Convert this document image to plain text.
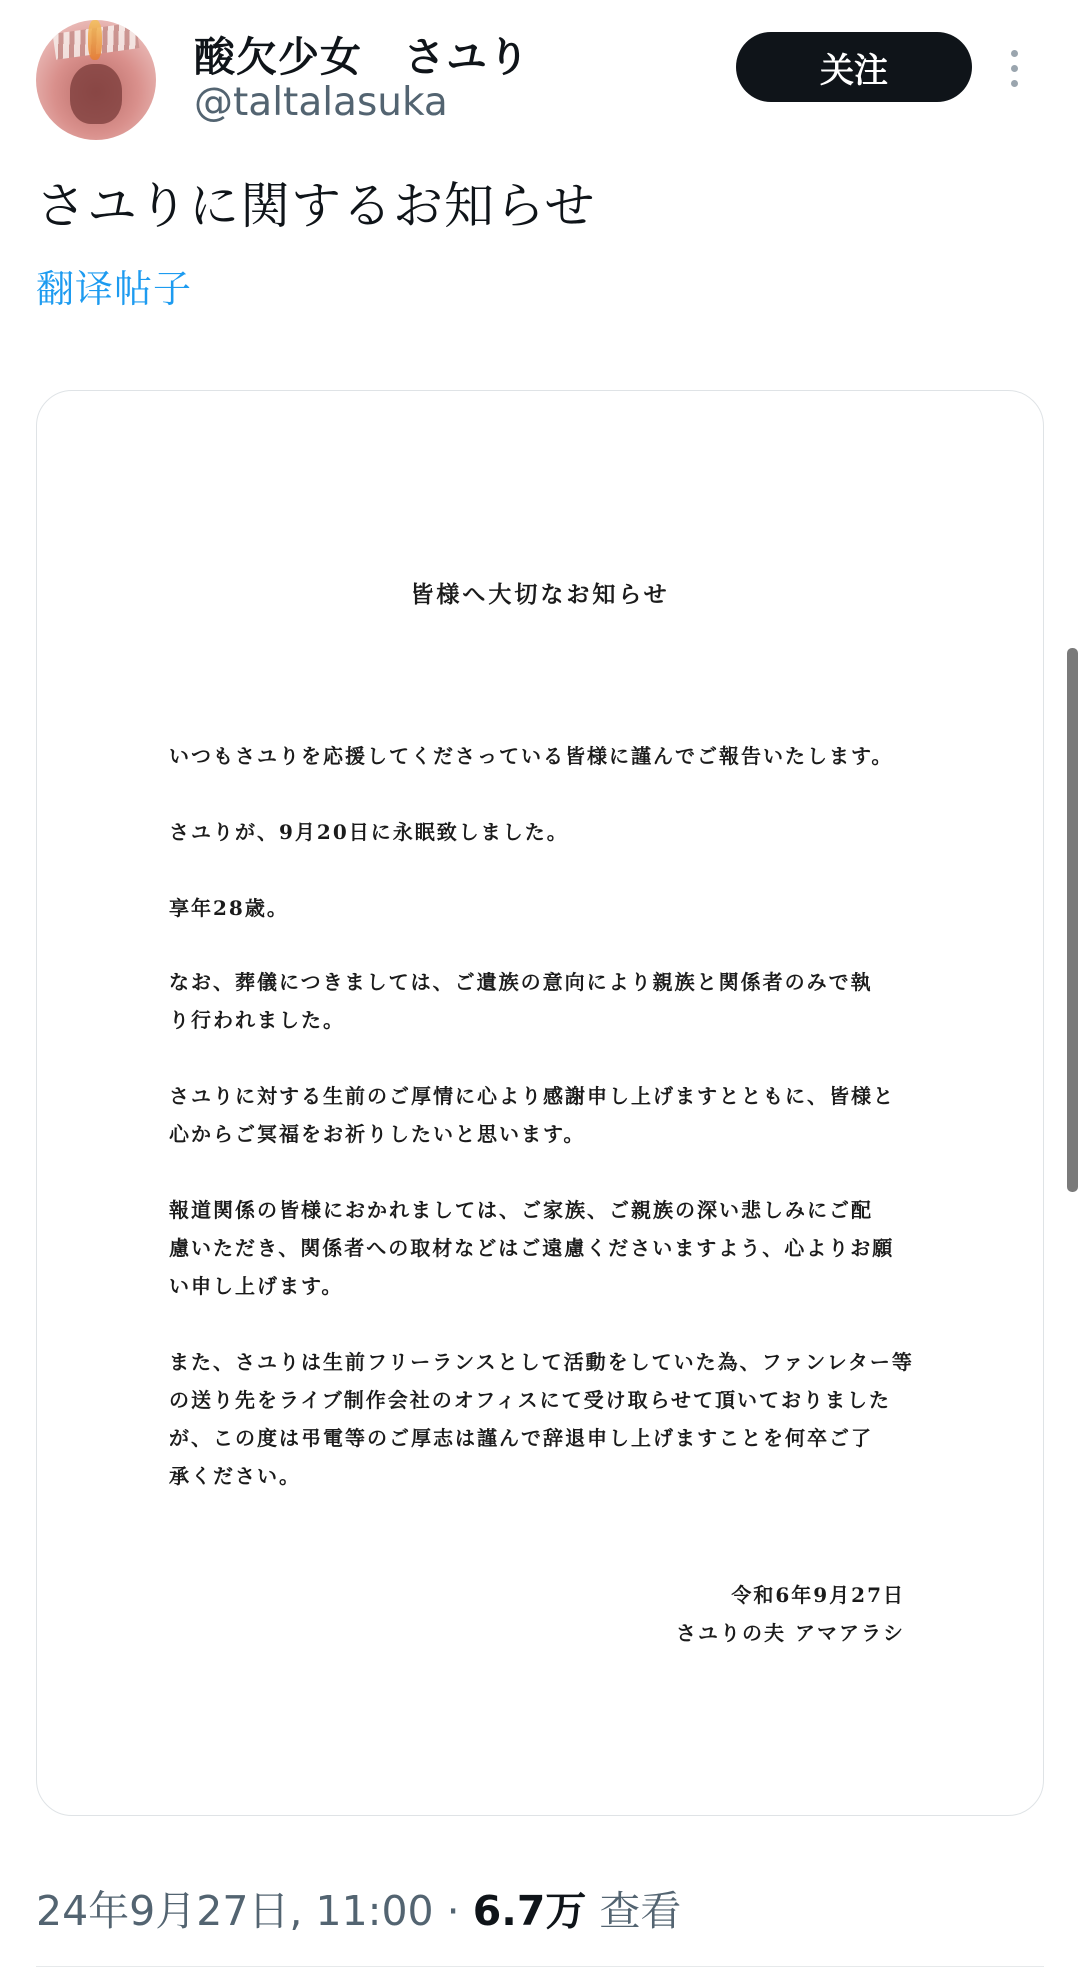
酸欠少女　さユり
@taltalasuka
关注
さユりに関するお知らせ
翻译帖子
皆様へ大切なお知らせ
いつもさユりを応援してくださっている皆様に謹んでご報告いたします。
さユりが、9月20日に永眠致しました。
享年28歳。
なお、葬儀につきましては、ご遺族の意向により親族と関係者のみで執
り行われました。
さユりに対する生前のご厚情に心より感謝申し上げますとともに、皆様と
心からご冥福をお祈りしたいと思います。
報道関係の皆様におかれましては、ご家族、ご親族の深い悲しみにご配
慮いただき、関係者への取材などはご遠慮くださいますよう、心よりお願
い申し上げます。
また、さユりは生前フリーランスとして活動をしていた為、ファンレター等
の送り先をライブ制作会社のオフィスにて受け取らせて頂いておりました
が、この度は弔電等のご厚志は謹んで辞退申し上げますことを何卒ご了
承ください。
令和6年9月27日
さユりの夫 アマアラシ
24年9月27日, 11:00 · 6.7万 查看
